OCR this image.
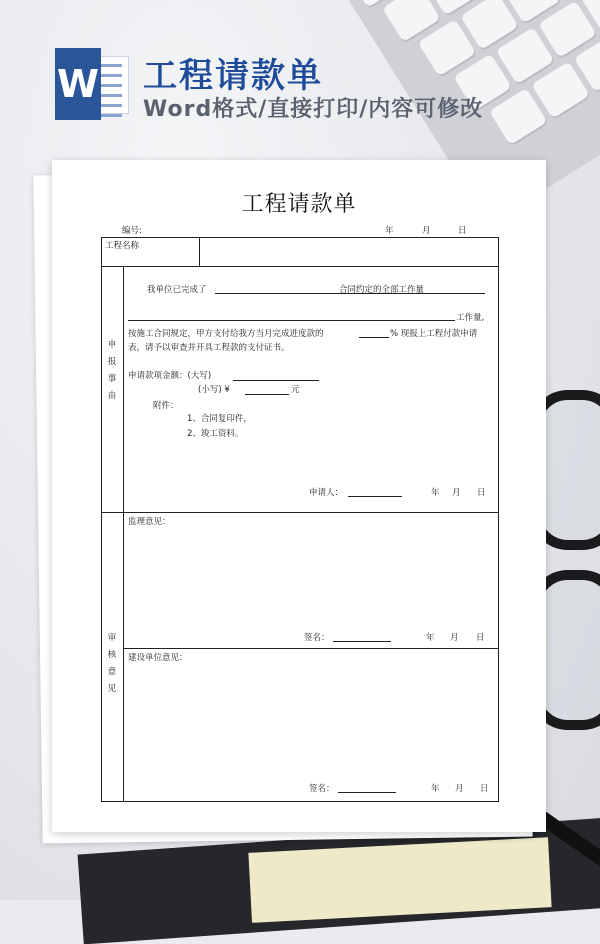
W 工程请款单
Word格式/直接打印/内容可修改
工程请款单
编号:	年	月	日
工程名称
申报事由
我单位已完成了	合同约定的全部工作量
工作量,
按施工合同规定，甲方支付给我方当月完成进度款的	% 现报上工程付款申请
表，请予以审查并开具工程款的支付证书。
申请款项金额：(大写)
(小写) ¥	元
附件：
1、合同复印件，
2、竣工资料。
申请人：	年 月 日
审核意见
监理意见：
签名：	年 月 日
建设单位意见：
签名：	年 月 日
